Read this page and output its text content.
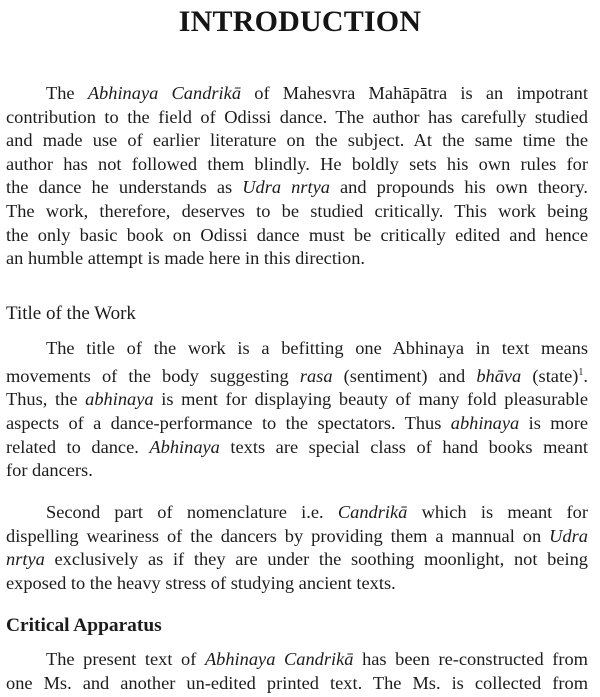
INTRODUCTION

The Abhinaya Candrikā of Mahesvra Mahāpātra is an impotrant
contribution to the field of Odissi dance. The author has carefully studied
and made use of earlier literature on the subject. At the same time the
author has not followed them blindly. He boldly sets his own rules for
the dance he understands as Udra nrtya and propounds his own theory.
The work, therefore, deserves to be studied critically. This work being
the only basic book on Odissi dance must be critically edited and hence
an humble attempt is made here in this direction.

Title of the Work

The title of the work is a befitting one Abhinaya in text means
movements of the body suggesting rasa (sentiment) and bhāva (state)$^1$.
Thus, the abhinaya is ment for displaying beauty of many fold pleasurable
aspects of a dance-performance to the spectators. Thus abhinaya is more
related to dance. Abhinaya texts are special class of hand books meant
for dancers.

Second part of nomenclature i.e. Candrikā which is meant for
dispelling weariness of the dancers by providing them a mannual on Udra
nrtya exclusively as if they are under the soothing moonlight, not being
exposed to the heavy stress of studying ancient texts.

Critical Apparatus

The present text of Abhinaya Candrikā has been re-constructed from
one Ms. and another un-edited printed text. The Ms. is collected from
